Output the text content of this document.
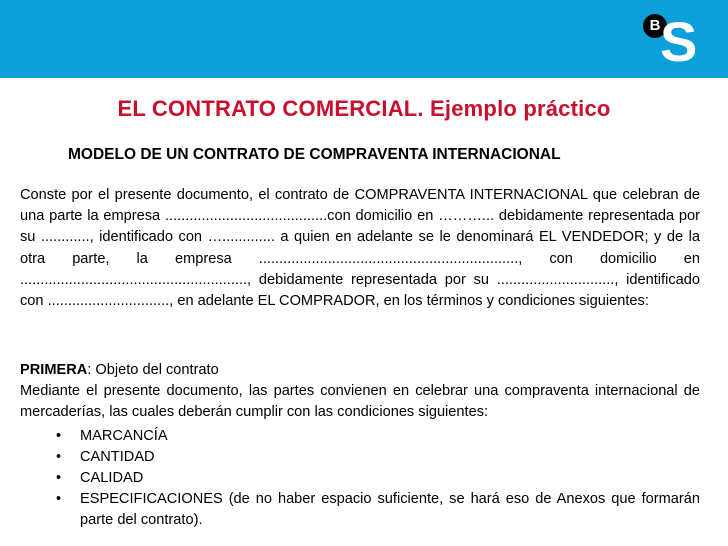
B S
EL CONTRATO COMERCIAL. Ejemplo práctico
MODELO DE UN CONTRATO DE COMPRAVENTA INTERNACIONAL
Conste por el presente documento, el contrato de COMPRAVENTA INTERNACIONAL que celebran de una parte la empresa ........................................con domicilio en ………... debidamente representada por su ............, identificado con …............. a quien en adelante se le denominará EL VENDEDOR; y de la otra parte, la empresa ................................................................, con domicilio en ........................................................, debidamente representada por su ............................., identificado con .............................., en adelante EL COMPRADOR, en los términos y condiciones siguientes:
PRIMERA: Objeto del contrato
Mediante el presente documento, las partes convienen en celebrar una compraventa internacional de mercaderías, las cuales deberán cumplir con las condiciones siguientes:
• MARCANCÍA
• CANTIDAD
• CALIDAD
• ESPECIFICACIONES (de no haber espacio suficiente, se hará eso de Anexos que formarán parte del contrato).
